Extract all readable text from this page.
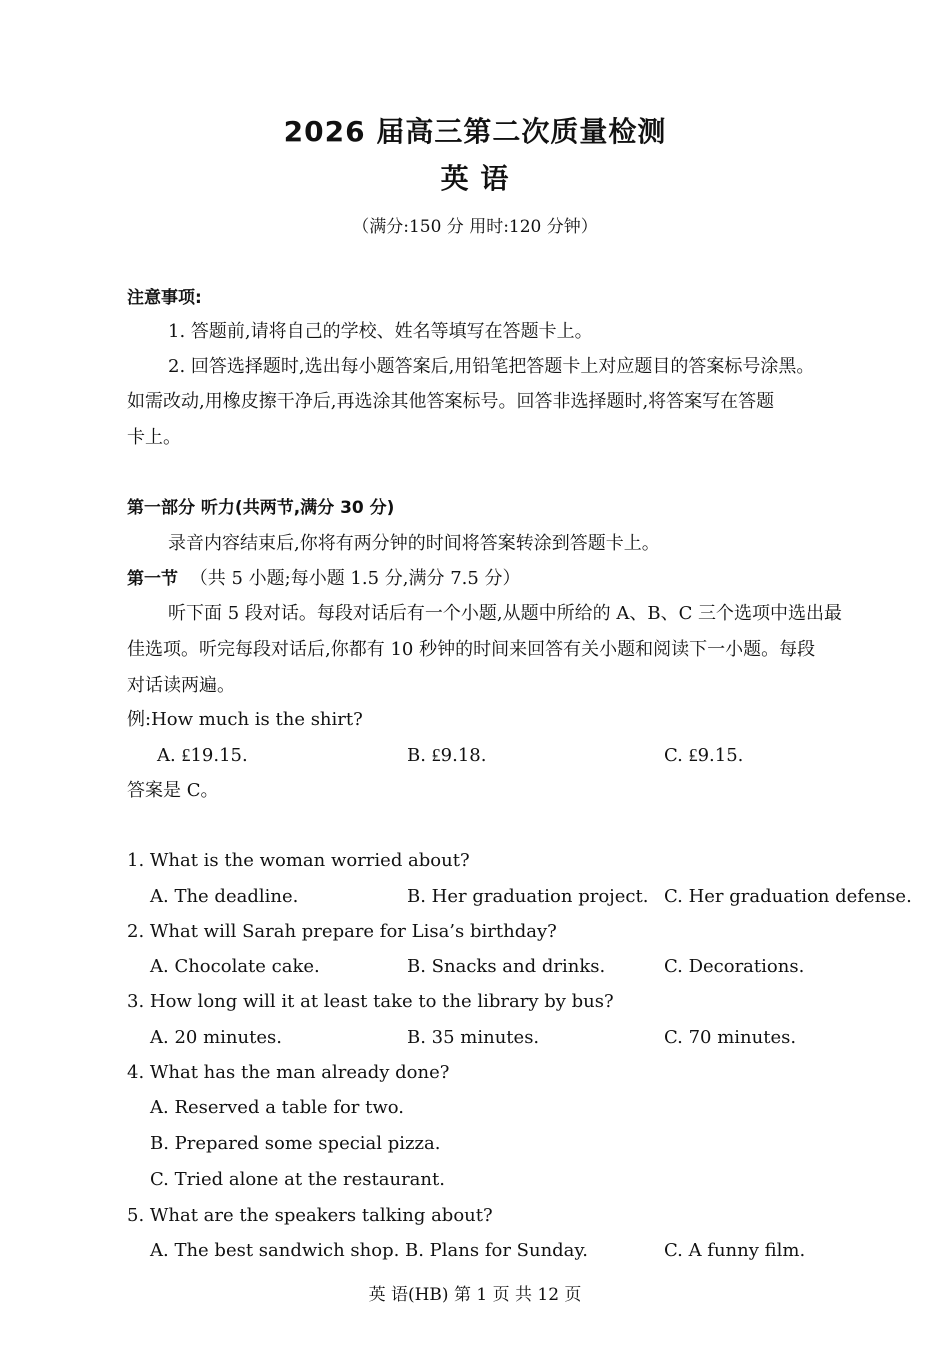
2026 届高三第二次质量检测
英 语
（满分:150 分 用时:120 分钟）
注意事项:
1. 答题前,请将自己的学校、姓名等填写在答题卡上。
2. 回答选择题时,选出每小题答案后,用铅笔把答题卡上对应题目的答案标号涂黑。
如需改动,用橡皮擦干净后,再选涂其他答案标号。回答非选择题时,将答案写在答题
卡上。
第一部分 听力(共两节,满分 30 分)
录音内容结束后,你将有两分钟的时间将答案转涂到答题卡上。
第一节 （共 5 小题;每小题 1.5 分,满分 7.5 分）
听下面 5 段对话。每段对话后有一个小题,从题中所给的 A、B、C 三个选项中选出最
佳选项。听完每段对话后,你都有 10 秒钟的时间来回答有关小题和阅读下一小题。每段
对话读两遍。
例:How much is the shirt?
A. ₤19.15.	B. ₤9.18.	C. ₤9.15.
答案是 C。
1. What is the woman worried about?
A. The deadline.	B. Her graduation project. C. Her graduation defense.
2. What will Sarah prepare for Lisa’s birthday?
A. Chocolate cake.	B. Snacks and drinks.	C. Decorations.
3. How long will it at least take to the library by bus?
A. 20 minutes.	B. 35 minutes.	C. 70 minutes.
4. What has the man already done?
A. Reserved a table for two.
B. Prepared some special pizza.
C. Tried alone at the restaurant.
5. What are the speakers talking about?
A. The best sandwich shop. B. Plans for Sunday.	C. A funny film.
英 语(HB) 第 1 页 共 12 页
